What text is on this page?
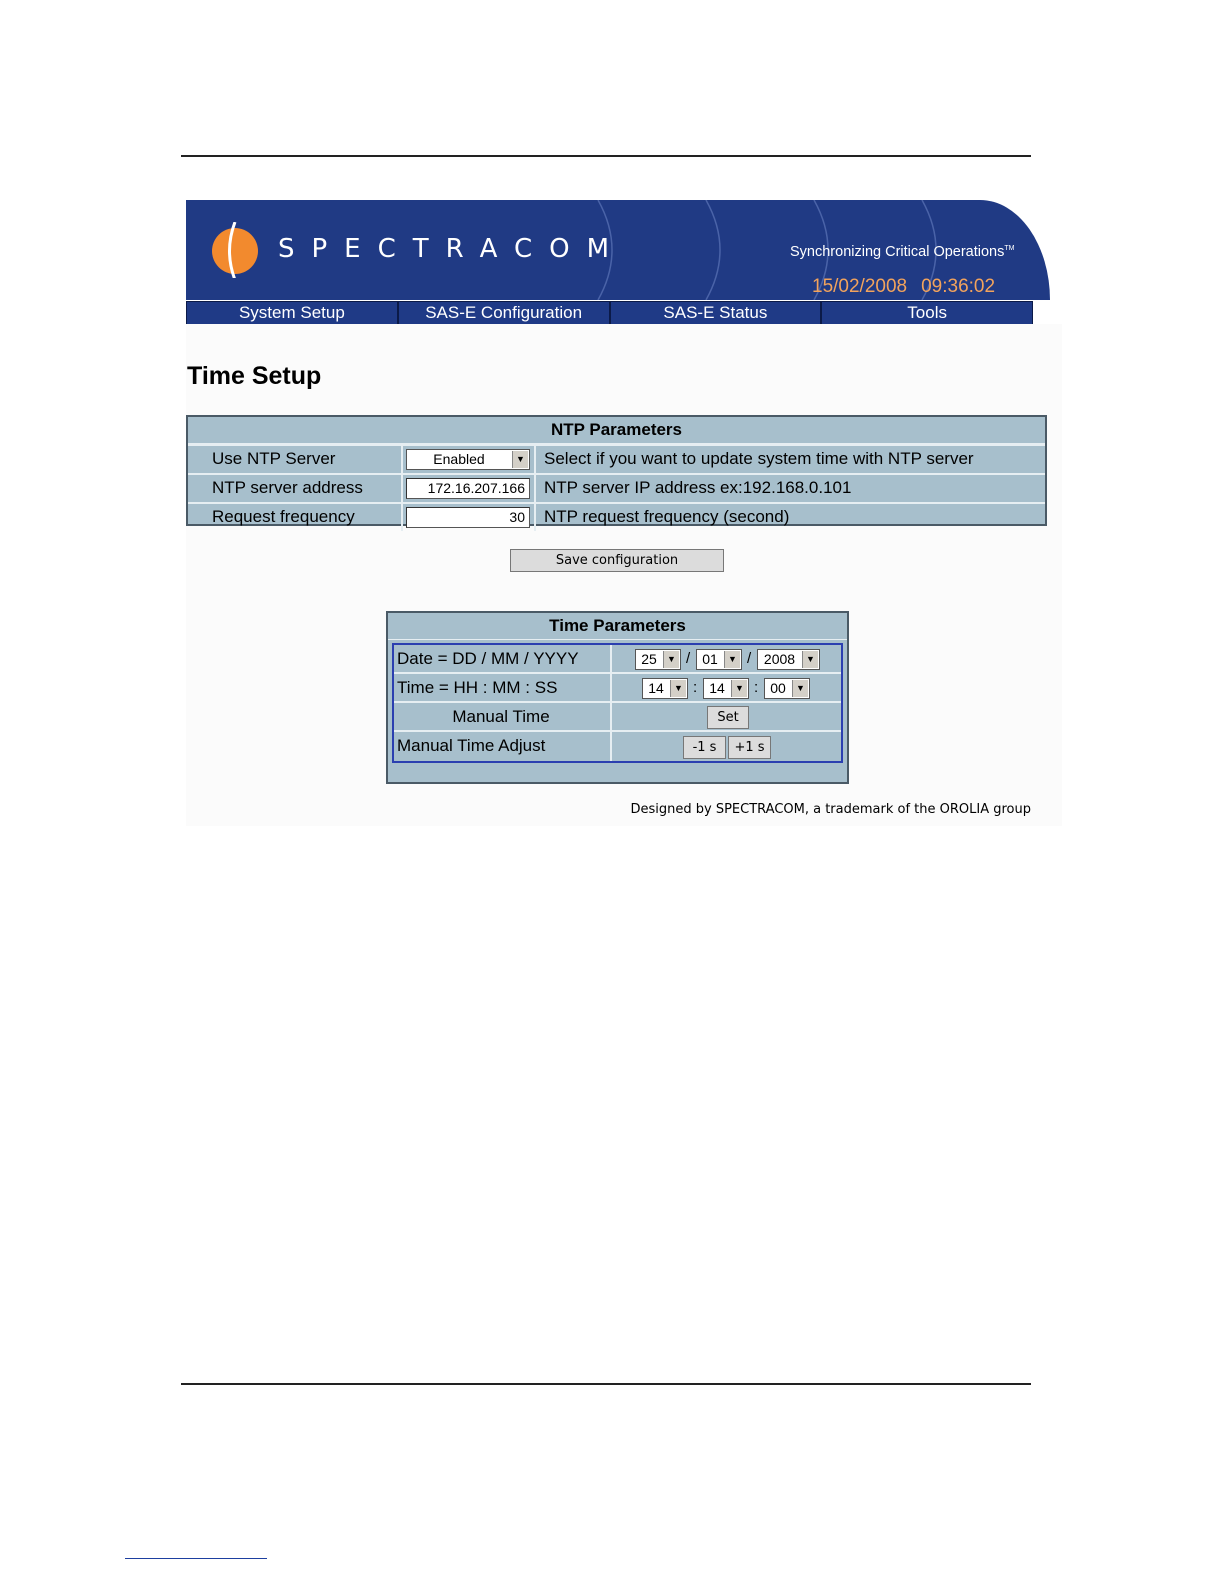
SPECTRACOM	Synchronizing Critical Operations™
15/02/2008 09:36:02
System Setup	SAS-E Configuration	SAS-E Status	Tools
Time Setup
NTP Parameters
Use NTP Server	Enabled	▼ Select if you want to update system time with NTP server
NTP server address	172.16.207.166 NTP server IP address ex:192.168.0.101
Request frequency	30 NTP request frequency (second)
Save configuration
Time Parameters
Date = DD / MM / YYYY	25	▼ / 01	▼ / 2008	▼
Time = HH : MM : SS	14	▼ : 14	▼ : 00	▼
Manual Time	Set
Manual Time Adjust	-1 s	+1 s
Designed by SPECTRACOM, a trademark of the OROLIA group
